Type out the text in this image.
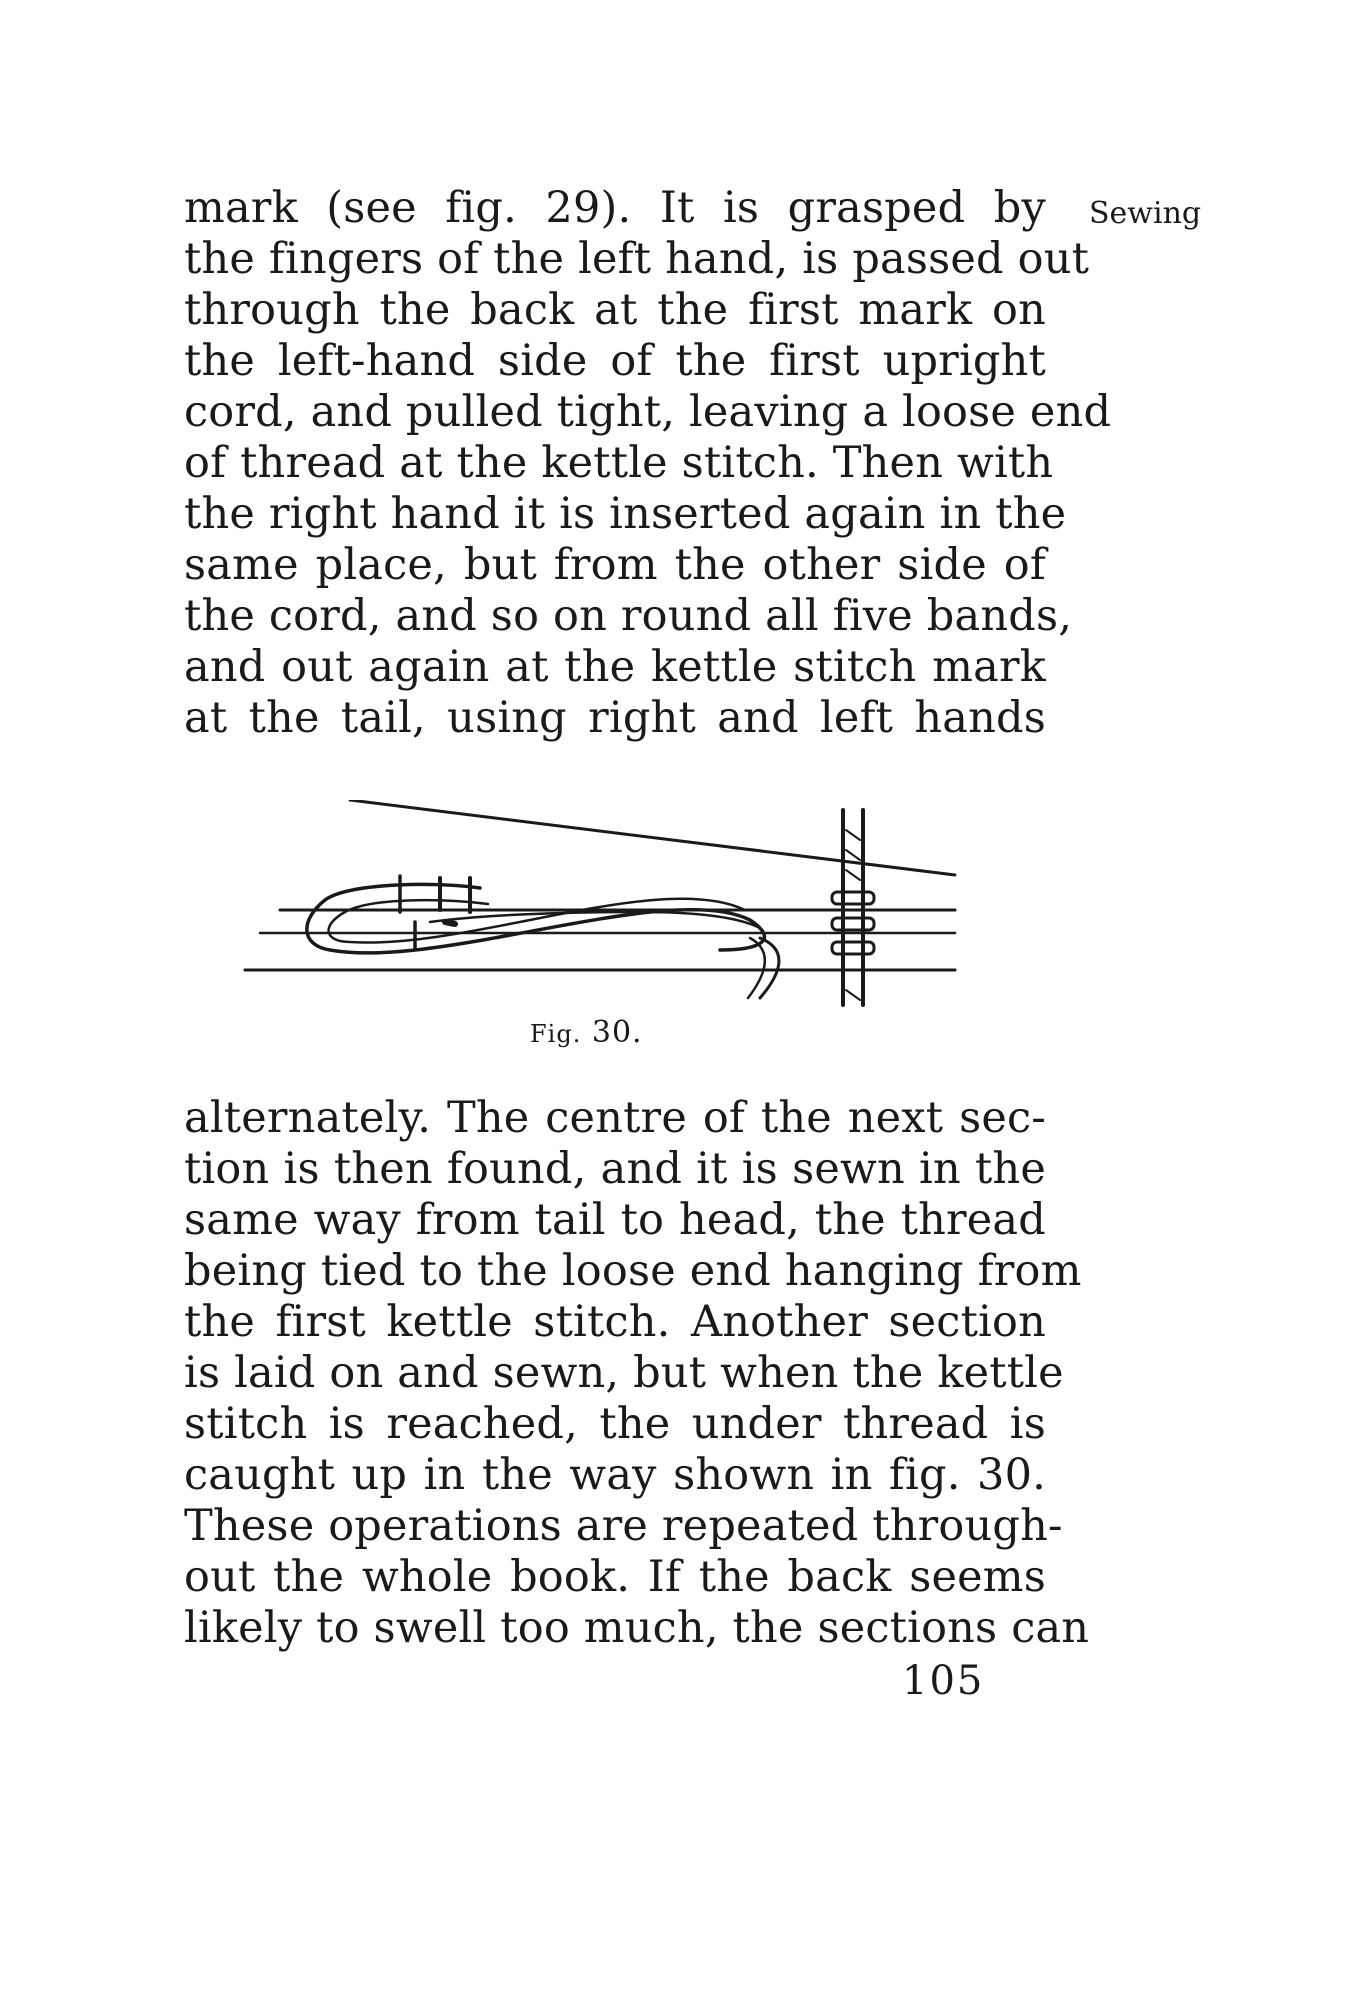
Sewing
mark (see fig. 29). It is grasped by
the fingers of the left hand, is passed out
through the back at the first mark on
the left-hand side of the first upright
cord, and pulled tight, leaving a loose end
of thread at the kettle stitch. Then with
the right hand it is inserted again in the
same place, but from the other side of
the cord, and so on round all five bands,
and out again at the kettle stitch mark
at the tail, using right and left hands
Fig. 30.
alternately. The centre of the next sec-
tion is then found, and it is sewn in the
same way from tail to head, the thread
being tied to the loose end hanging from
the first kettle stitch. Another section
is laid on and sewn, but when the kettle
stitch is reached, the under thread is
caught up in the way shown in fig. 30.
These operations are repeated through-
out the whole book. If the back seems
likely to swell too much, the sections can
105
